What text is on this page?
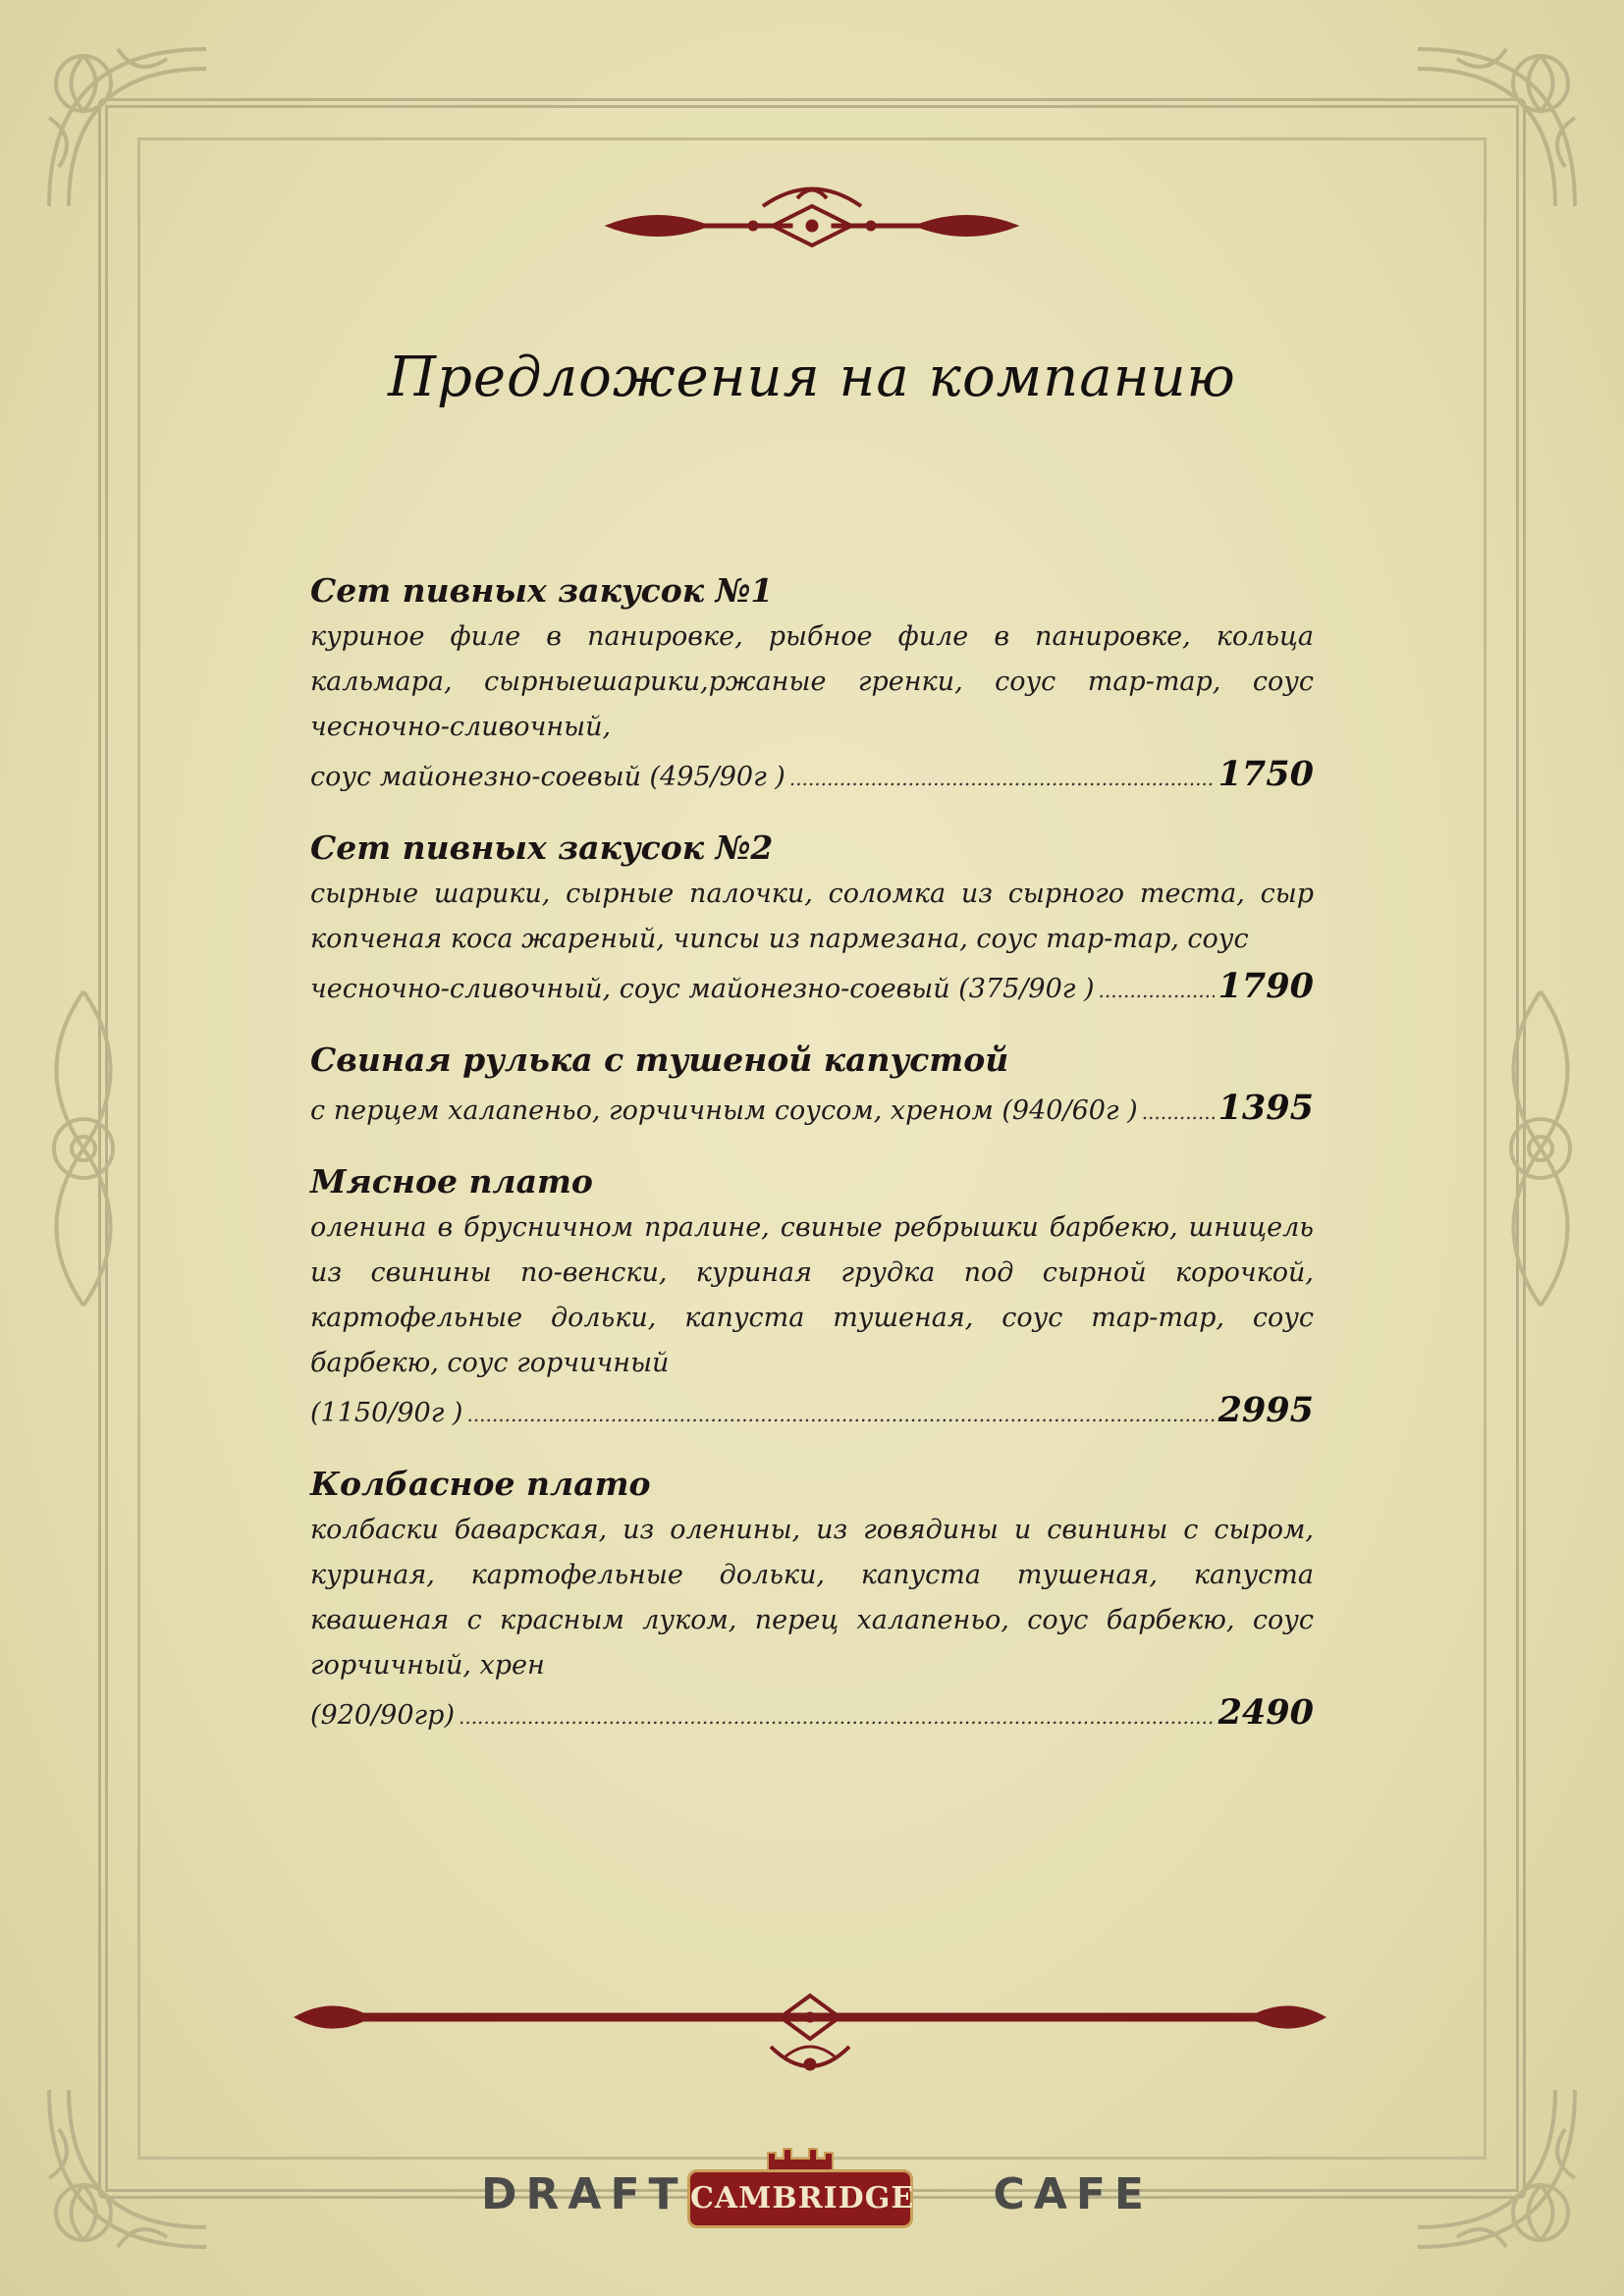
Предложения на компанию
Сет пивных закусок №1
куриное филе в панировке, рыбное филе в панировке, кольца кальмара, сырныешарики,ржаные гренки, соус тар-тар, соус чесночно-сливочный,
соус майонезно-соевый (495/90г ) .....	1750
Сет пивных закусок №2
сырные шарики, сырные палочки, соломка из сырного теста, сыр копченая коса жареный, чипсы из пармезана, соус тар-тар, соус
чесночно-сливочный, соус майонезно-соевый (375/90г ) .....	1790
Свиная рулька с тушеной капустой
с перцем халапеньо, горчичным соусом, хреном (940/60г ) ..... 1395
Мясное плато
оленина в брусничном пралине, свиные ребрышки барбекю, шницель из свинины по-венски, куриная грудка под сырной корочкой, картофельные дольки, капуста тушеная, соус тар-тар, соус барбекю, соус горчичный
(1150/90г ) .....	2995
Колбасное плато
колбаски баварская, из оленины, из говядины и свинины с сыром, куриная, картофельные дольки, капуста тушеная, капуста квашеная с красным луком, перец халапеньо, соус барбекю, соус горчичный, хрен
(920/90гр) .....	2490
DRAFT CAMBRIDGE CAFE
